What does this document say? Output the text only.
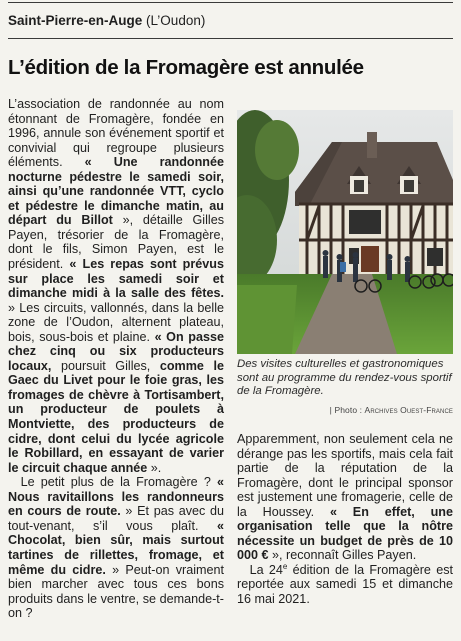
Saint-Pierre-en-Auge (L’Oudon)
L’édition de la Fromagère est annulée

L’association de randonnée au nom étonnant de Fromagère, fondée en 1996, annule son événement sportif et convivial qui regroupe plusieurs éléments. « Une randonnée nocturne pédestre le samedi soir, ainsi qu’une randonnée VTT, cyclo et pédestre le dimanche matin, au départ du Billot », détaille Gilles Payen, trésorier de la Fromagère, dont le fils, Simon Payen, est le président. « Les repas sont prévus sur place les samedi soir et dimanche midi à la salle des fêtes. » Les circuits, vallonnés, dans la belle zone de l’Oudon, alternent plateau, bois, sous-bois et plaine. « On passe chez cinq ou six producteurs locaux, poursuit Gilles, comme le Gaec du Livet pour le foie gras, les fromages de chèvre à Tortisambert, un producteur de poulets à Montviette, des producteurs de cidre, dont celui du lycée agricole le Robillard, en essayant de varier le circuit chaque année ».

Le petit plus de la Fromagère ? « Nous ravitaillons les randonneurs en cours de route. » Et pas avec du tout-venant, s’il vous plaît. « Chocolat, bien sûr, mais surtout tartines de rillettes, fromage, et même du cidre. » Peut-on vraiment bien marcher avec tous ces bons produits dans le ventre, se demande-t-on ?

Des visites culturelles et gastronomiques sont au programme du rendez-vous sportif de la Fromagère.
| Photo : Archives Ouest-France

Apparemment, non seulement cela ne dérange pas les sportifs, mais cela fait partie de la réputation de la Fromagère, dont le principal sponsor est justement une fromagerie, celle de la Houssey. « En effet, une organisation telle que la nôtre nécessite un budget de près de 10 000 € », reconnaît Gilles Payen.

La 24e édition de la Fromagère est reportée aux samedi 15 et dimanche 16 mai 2021.
